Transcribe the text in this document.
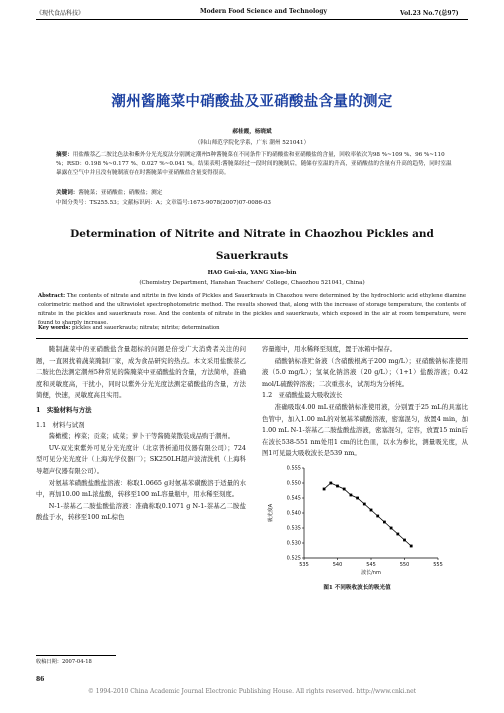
《现代食品科技》	Modern Food Science and Technology	Vol.23 No.7(总97)
潮州酱腌菜中硝酸盐及亚硝酸盐含量的测定
郝桂霞，杨晓斌
（韩山师范学院化学系，广东 潮州 521041）
摘要：用盐酸萘乙二胺比色法和紫外分光光度法分别测定潮州5种酱腌菜在不同条件下的硝酸盐和亚硝酸盐的含量，回收率依次为98 %~109 %、96 %~110 %；RSD：0.198 %~0.177 %、0.027 %~0.041 %。结果表明:酱腌菜经过一段时间的腌制后，随储存室温的升高，亚硝酸盐的含量有升高的趋势，同时室温暴露在空气中并且没有腌制液存在时酱腌菜中亚硝酸盐含量变得很高。
关键词：酱腌菜；亚硝酸盐；硝酸盐；测定
中图分类号：TS255.53；文献标识码：A；文章篇号:1673-9078(2007)07-0086-03
Determination of Nitrite and Nitrate in Chaozhou Pickles and
Sauerkrauts
HAO Gui-xia, YANG Xiao-bin
(Chemistry Department, Hanshan Teachers' College, Chaozhou 521041, China)
Abstract: The contents of nitrate and nitrite in five kinds of Pickles and Sauerkrauts in Chaozhou were determined by the hydrochloric acid ethylene diamine colorimetric method and the ultraviolet spectrophotometric method. The results showed that, along with the increase of storage temperature, the contents of nitrate in the pickles and sauerkrauts rose. And the contents of nitrate in the pickles and sauerkrauts, which exposed in the air at room temperature, were found to sharply increase.
Key words: pickles and sauerkrauts; nitrate; nitrite; determination

腌制蔬菜中的亚硝酸盐含量超标的问题是倍受广大消费者关注的问题，一直困扰着蔬菜腌制厂家，成为食品研究的热点。本文采用盐酸萘乙二胺比色法测定潮州5种常见的酱腌菜中亚硝酸盐的含量，方法简单，准确度和灵敏度高，干扰小，同时以紫外分光光度法测定硝酸盐的含量，方法简便，快速，灵敏度高且实用。

1　实验材料与方法

1.1　材料与试剂

酱橄榄；榨菜；贡菜；咸菜；萝卜干等酱腌菜散装成品购于潮州。

UV-双光束紫外可见分光光度计（北京普析通用仪器有限公司）；724型可见分光光度计（上海光学仪器厂）；SK250LH超声波清洗机（上海科导超声仪器有限公司）。

对氨基苯磺酸盐酸盐溶液：称取1.0665 g对氨基苯磺酸溶于适量的水中，再加10.00 mL浓盐酸，转移至100 mL容量瓶中，用水稀至刻度。

N-1-萘基乙二胺盐酸盐溶液：准确称取0.1071 g N-1-萘基乙二胺盐酸盐于水，转移至100 mL棕色

收稿日期：2007-04-18
86

容量瓶中，用水稀释至刻度，置于冰箱中保存。

硝酸钠标准贮备液（含硝酸根离子200 mg/L）；亚硝酸钠标准使用液（5.0 mg/L）；氢氧化钠溶液（20 g/L）；（1+1）盐酸溶液；0.42 mol/L硫酸锌溶液；二次重蒸水，试剂均为分析纯。

1.2　亚硝酸盐最大吸收波长

准确吸取4.00 mL亚硝酸钠标准使用液，分别置于25 mL的具塞比色管中，加入1.00 mL的对氨基苯磺酸溶液，密塞混匀，放置4 min，加1.00 mL N-1-萘基乙二胺盐酸盐溶液，密塞混匀，定容，放置15 min后在波长538-551 nm处用1 cm的比色皿，以水为参比，测量吸光度，从图1可见最大吸收波长是539 nm。

535	540	545	550	555
0.555
0.550
0.545
0.540
0.535
0.530
0.525
波长/nm
吸光度A
图1 不同吸收波长的吸光值
© 1994-2010 China Academic Journal Electronic Publishing House. All rights reserved. http://www.cnki.net
